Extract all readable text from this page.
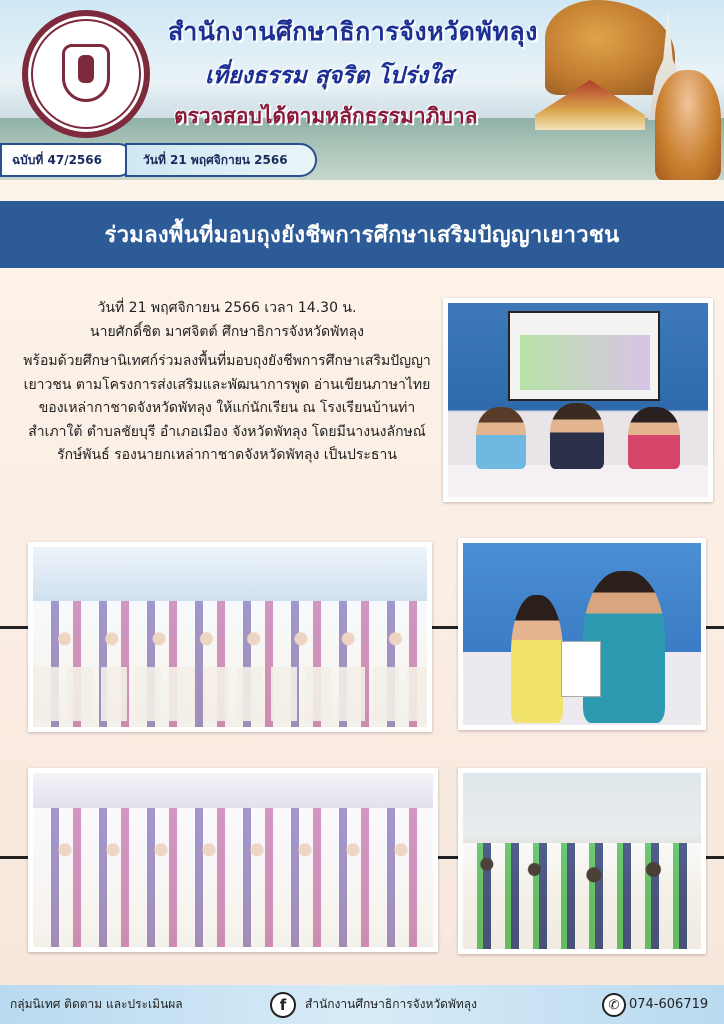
สำนักงานศึกษาธิการจังหวัดพัทลุง
เที่ยงธรรม สุจริต โปร่งใส
ตรวจสอบได้ตามหลักธรรมาภิบาล
ฉบับที่ 47/2566	วันที่ 21 พฤศจิกายน 2566
ร่วมลงพื้นที่มอบถุงยังชีพการศึกษาเสริมปัญญาเยาวชน

วันที่ 21 พฤศจิกายน 2566 เวลา 14.30 น.

นายศักดิ์ชิต มาศจิตต์ ศึกษาธิการจังหวัดพัทลุง

พร้อมด้วยศึกษานิเทศก์ร่วมลงพื้นที่มอบถุงยังชีพการศึกษาเสริมปัญญาเยาวชน ตามโครงการส่งเสริมและพัฒนาการพูด อ่านเขียนภาษาไทย ของเหล่ากาชาดจังหวัดพัทลุง ให้แก่นักเรียน ณ โรงเรียนบ้านท่าสำเภาใต้ ตำบลชัยบุรี อำเภอเมือง จังหวัดพัทลุง โดยมีนางนงลักษณ์ รักษ์พันธ์ รองนายกเหล่ากาชาดจังหวัดพัทลุง เป็นประธาน

กลุ่มนิเทศ ติดตาม และประเมินผล	f	สำนักงานศึกษาธิการจังหวัดพัทลุง	✆ 074-606719
